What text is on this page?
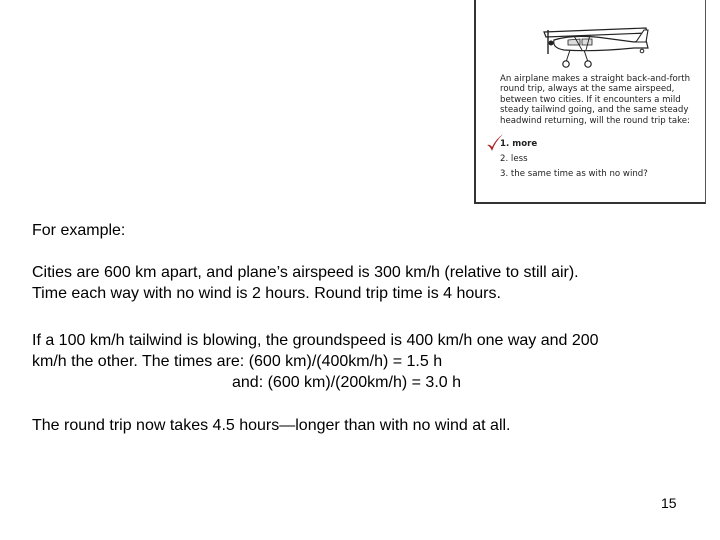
An airplane makes a straight back-and-forth

round trip, always at the same airspeed,

between two cities. If it encounters a mild

steady tailwind going, and the same steady

headwind returning, will the round trip take:

1. more
2. less
3. the same time as with no wind?

For example:

Cities are 600 km apart, and plane’s airspeed is 300 km/h (relative to still air).

Time each way with no wind is 2 hours. Round trip time is 4 hours.

If a 100 km/h tailwind is blowing, the groundspeed is 400 km/h one way and 200

km/h the other. The times are: (600 km)/(400km/h) = 1.5 h

and: (600 km)/(200km/h) = 3.0 h

The round trip now takes 4.5 hours—longer than with no wind at all.

15
